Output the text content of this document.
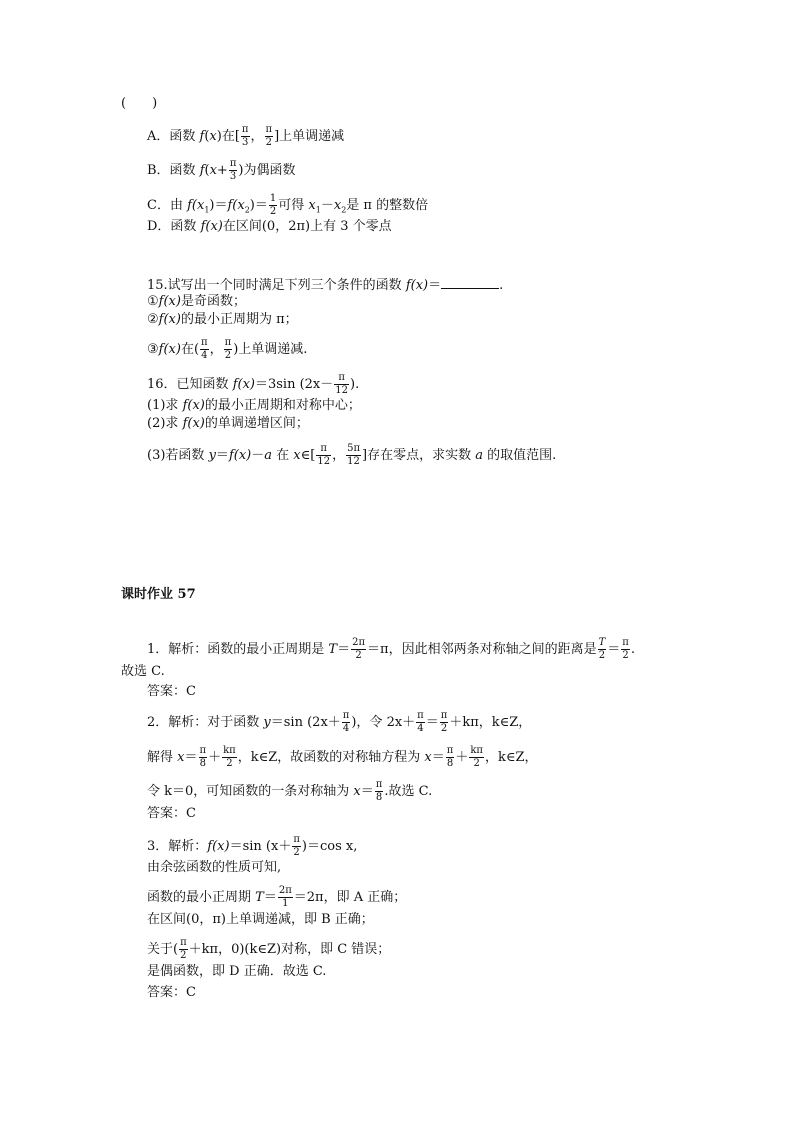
(　　)
A．函数 f(x)在[ $\frac{\pi}{3}$ ， $\frac{\pi}{2}$ ]上单调递减
B．函数 $f(x+ \frac{\pi}{3}$ )为偶函数
C．由 $f(x_1)=f(x_2)= \frac{1}{2}$ 可得 $x_1-x_2$是 π 的整数倍
D．函数 f(x)在区间(0，2π)上有 3 个零点
15.试写出一个同时满足下列三个条件的函数 f(x)＝	.
①f(x)是奇函数；
②f(x)的最小正周期为 π；
③f(x)在( $\frac{\pi}{4}$ ， $\frac{\pi}{2}$ )上单调递减.
16．已知函数 f(x)＝3sin ($2x- \frac{\pi}{12}$ ).
(1)求 f(x)的最小正周期和对称中心；
(2)求 f(x)的单调递增区间；
(3)若函数 y＝f(x)－a 在 x∈[ $\frac{\pi}{12}$ ， $\frac{5\pi}{12}$ ]存在零点，求实数 a 的取值范围.
课时作业 57
1．解析：函数的最小正周期是 $T= \frac{2\pi}{2} =\pi$，因此相邻两条对称轴之间的距离是 $\frac{T}{2} = \frac{\pi}{2}$ .
故选 C.
答案：C
2．解析：对于函数 y＝sin ($2x+ \frac{\pi}{4}$ )，令 $2x+ \frac{\pi}{4} = \frac{\pi}{2} +k\pi$，k∈Z，
解得 $x= \frac{\pi}{8} + \frac{k\pi}{2}$ ，k∈Z，故函数的对称轴方程为 $x= \frac{\pi}{8} + \frac{k\pi}{2}$ ，k∈Z，
令 k＝0，可知函数的一条对称轴为 $x= \frac{\pi}{8}$ .故选 C.
答案：C
3．解析：f(x)＝sin $(x+ \frac{\pi}{2} )=\cos$ x,
由余弦函数的性质可知,
函数的最小正周期 $T= \frac{2\pi}{1} =2\pi$，即 A 正确；
在区间(0，π)上单调递减，即 B 正确；
关于( $\frac{\pi}{2} +k\pi$，0)(k∈Z)对称，即 C 错误；
是偶函数，即 D 正确．故选 C.
答案：C
